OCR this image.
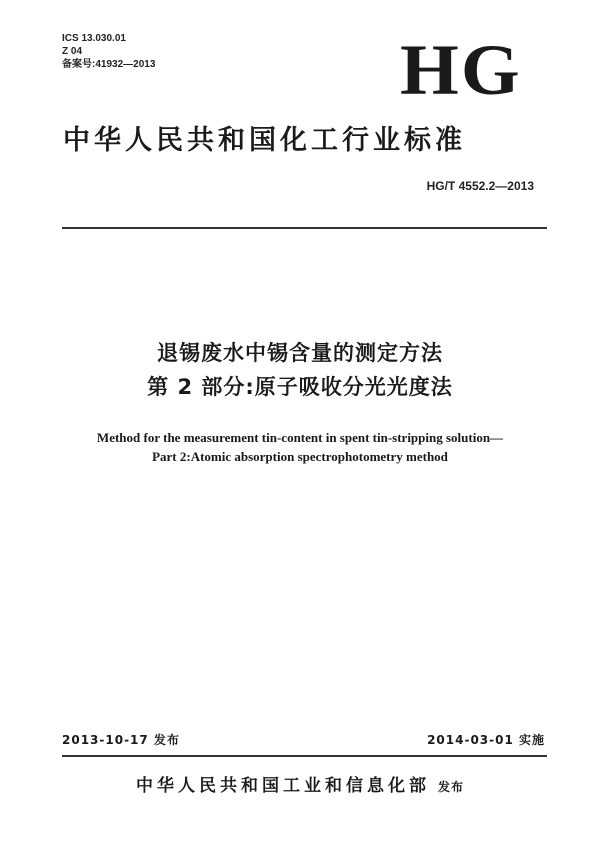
ICS 13.030.01
Z 04
备案号:41932—2013	HG
中华人民共和国化工行业标准
HG/T 4552.2—2013
退锡废水中锡含量的测定方法
第 2 部分:原子吸收分光光度法
Method for the measurement tin-content in spent tin-stripping solution—
Part 2:Atomic absorption spectrophotometry method
2013-10-17 发布	2014-03-01 实施
中华人民共和国工业和信息化部 发布
